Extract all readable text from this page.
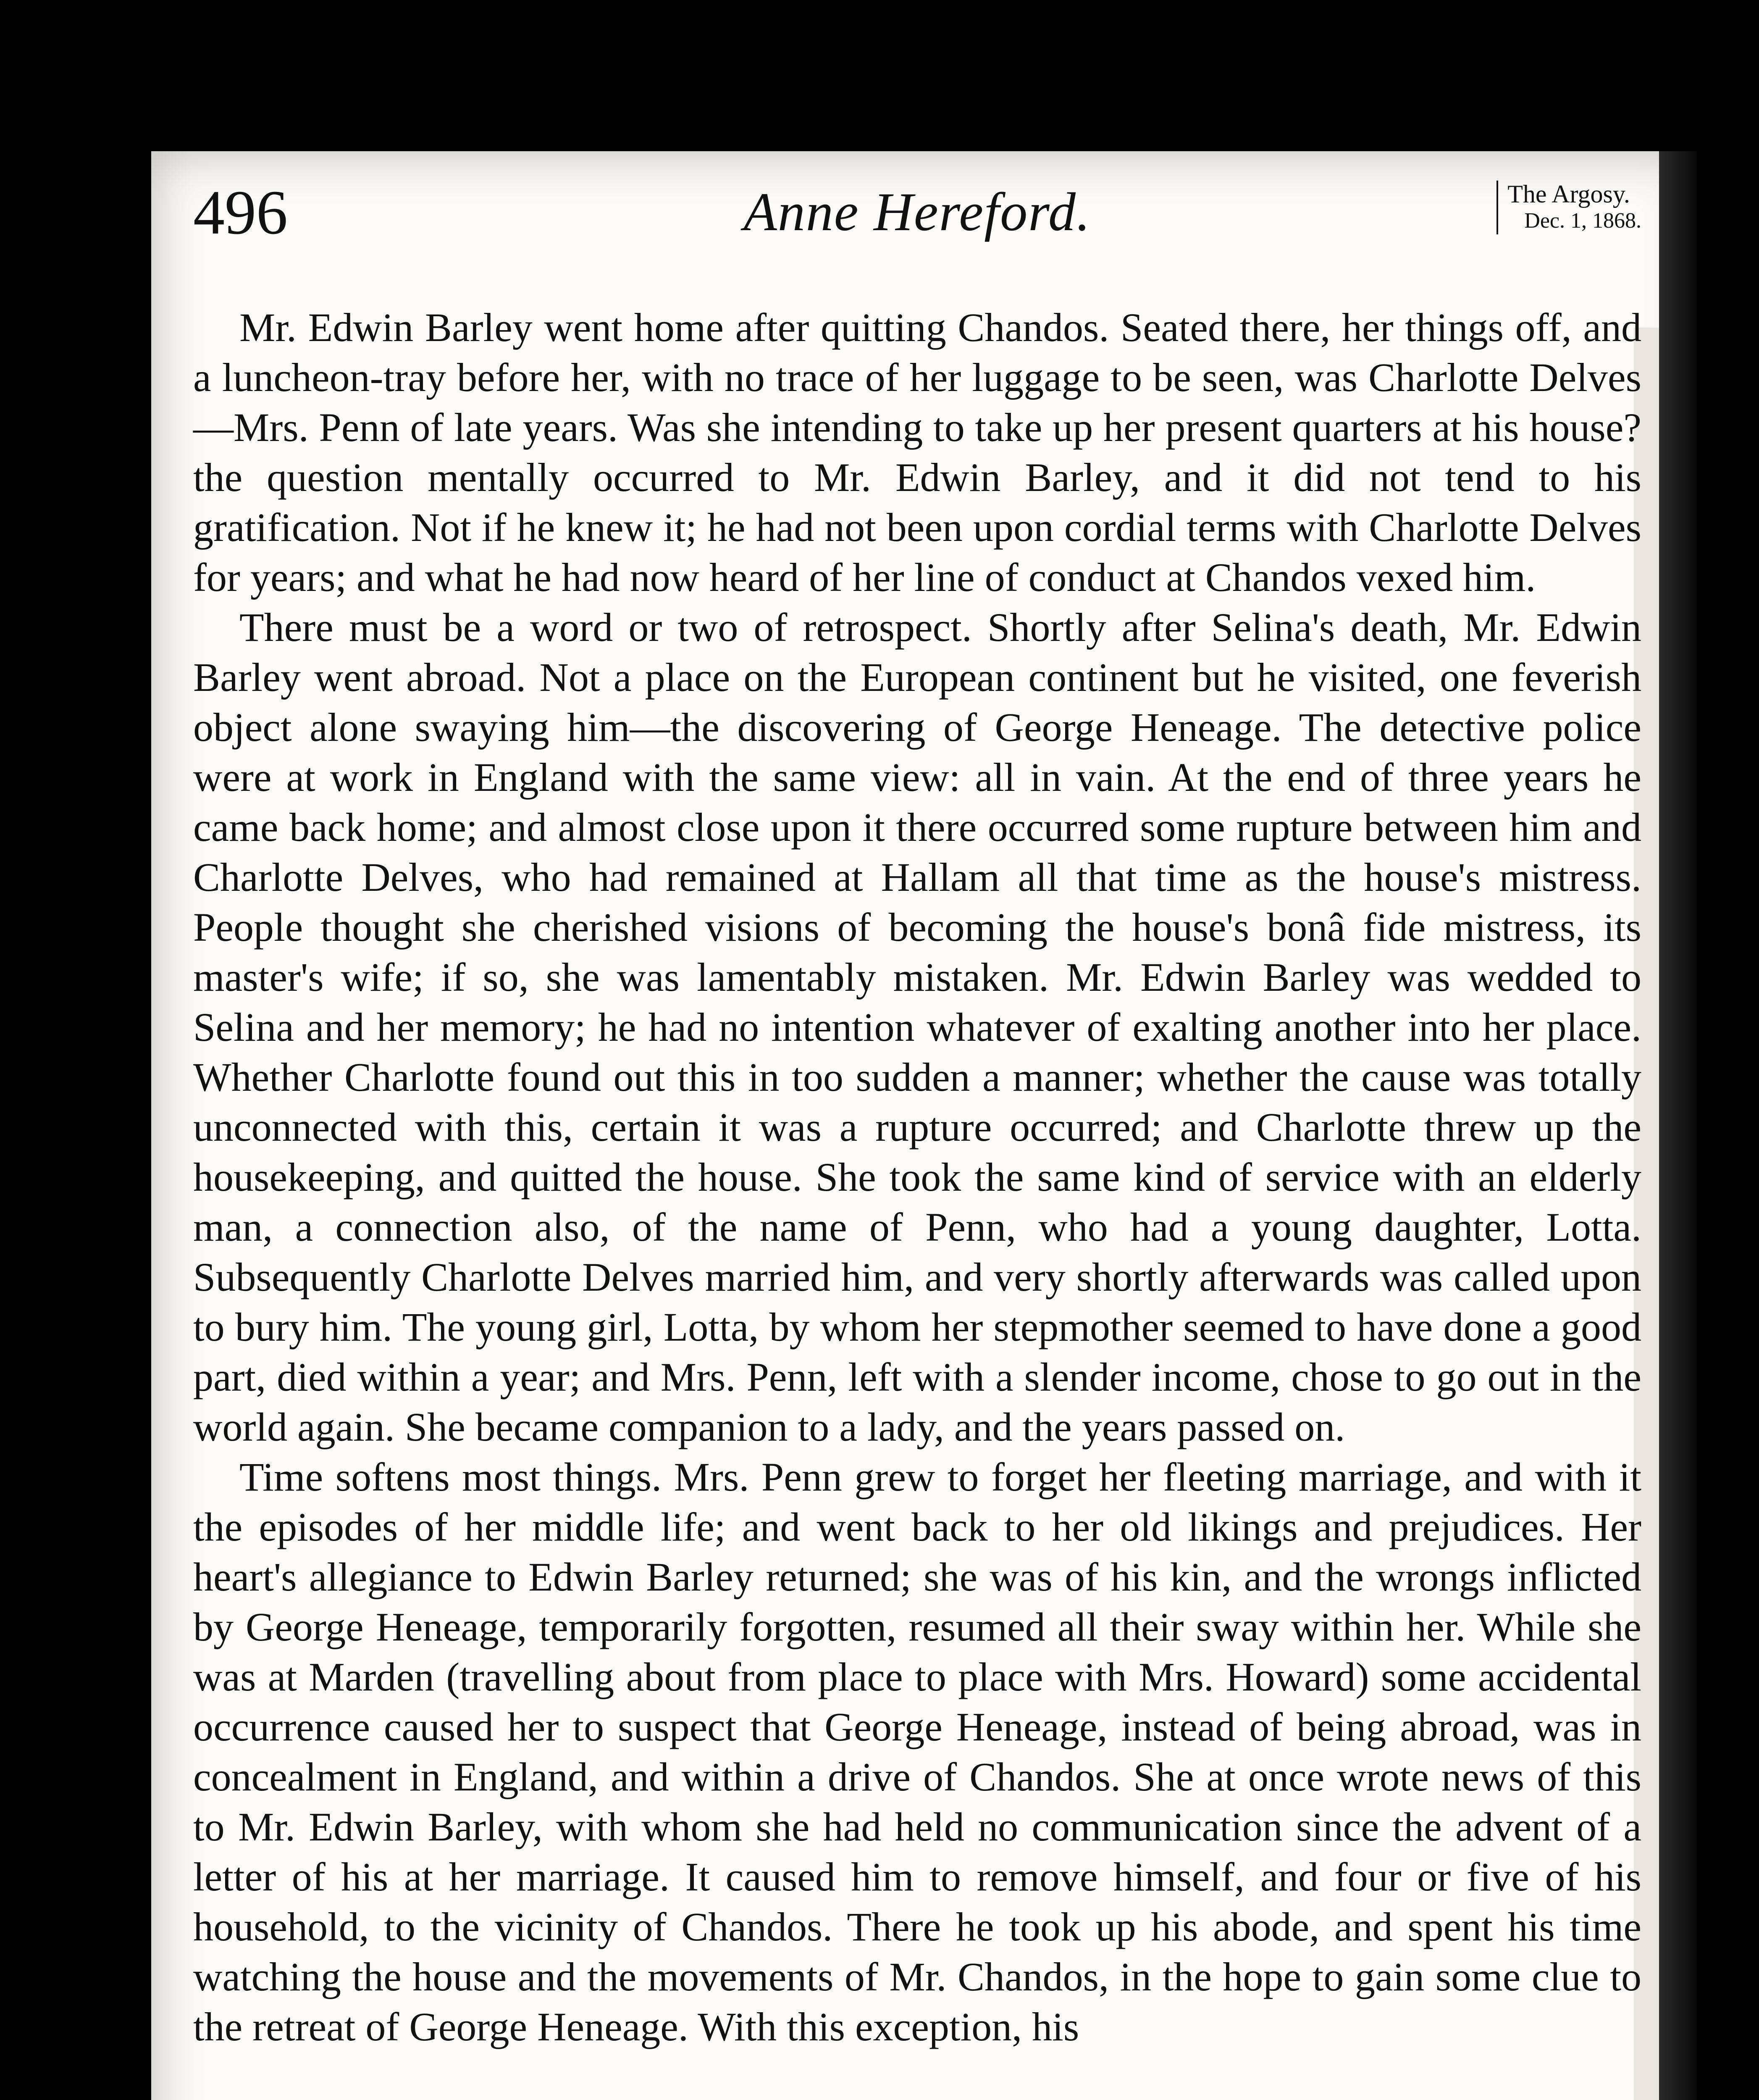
496	Anne Hereford.	The Argosy.
Dec. 1, 1868.

Mr. Edwin Barley went home after quitting Chandos. Seated there, her things off, and a luncheon-tray before her, with no trace of her luggage to be seen, was Charlotte Delves—Mrs. Penn of late years. Was she intending to take up her present quarters at his house? the question mentally occurred to Mr. Edwin Barley, and it did not tend to his gratification. Not if he knew it; he had not been upon cordial terms with Charlotte Delves for years; and what he had now heard of her line of conduct at Chandos vexed him.

There must be a word or two of retrospect. Shortly after Selina's death, Mr. Edwin Barley went abroad. Not a place on the European continent but he visited, one feverish object alone swaying him—the discovering of George Heneage. The detective police were at work in England with the same view: all in vain. At the end of three years he came back home; and almost close upon it there occurred some rupture between him and Charlotte Delves, who had remained at Hallam all that time as the house's mistress. People thought she cherished visions of becoming the house's bonâ fide mistress, its master's wife; if so, she was lamentably mistaken. Mr. Edwin Barley was wedded to Selina and her memory; he had no intention whatever of exalting another into her place. Whether Charlotte found out this in too sudden a manner; whether the cause was totally unconnected with this, certain it was a rupture occurred; and Charlotte threw up the housekeeping, and quitted the house. She took the same kind of service with an elderly man, a connection also, of the name of Penn, who had a young daughter, Lotta. Subsequently Charlotte Delves married him, and very shortly afterwards was called upon to bury him. The young girl, Lotta, by whom her stepmother seemed to have done a good part, died within a year; and Mrs. Penn, left with a slender income, chose to go out in the world again. She became companion to a lady, and the years passed on.

Time softens most things. Mrs. Penn grew to forget her fleeting marriage, and with it the episodes of her middle life; and went back to her old likings and prejudices. Her heart's allegiance to Edwin Barley returned; she was of his kin, and the wrongs inflicted by George Heneage, temporarily forgotten, resumed all their sway within her. While she was at Marden (travelling about from place to place with Mrs. Howard) some accidental occurrence caused her to suspect that George Heneage, instead of being abroad, was in concealment in England, and within a drive of Chandos. She at once wrote news of this to Mr. Edwin Barley, with whom she had held no communication since the advent of a letter of his at her marriage. It caused him to remove himself, and four or five of his household, to the vicinity of Chandos. There he took up his abode, and spent his time watching the house and the movements of Mr. Chandos, in the hope to gain some clue to the retreat of George Heneage. With this exception, his
